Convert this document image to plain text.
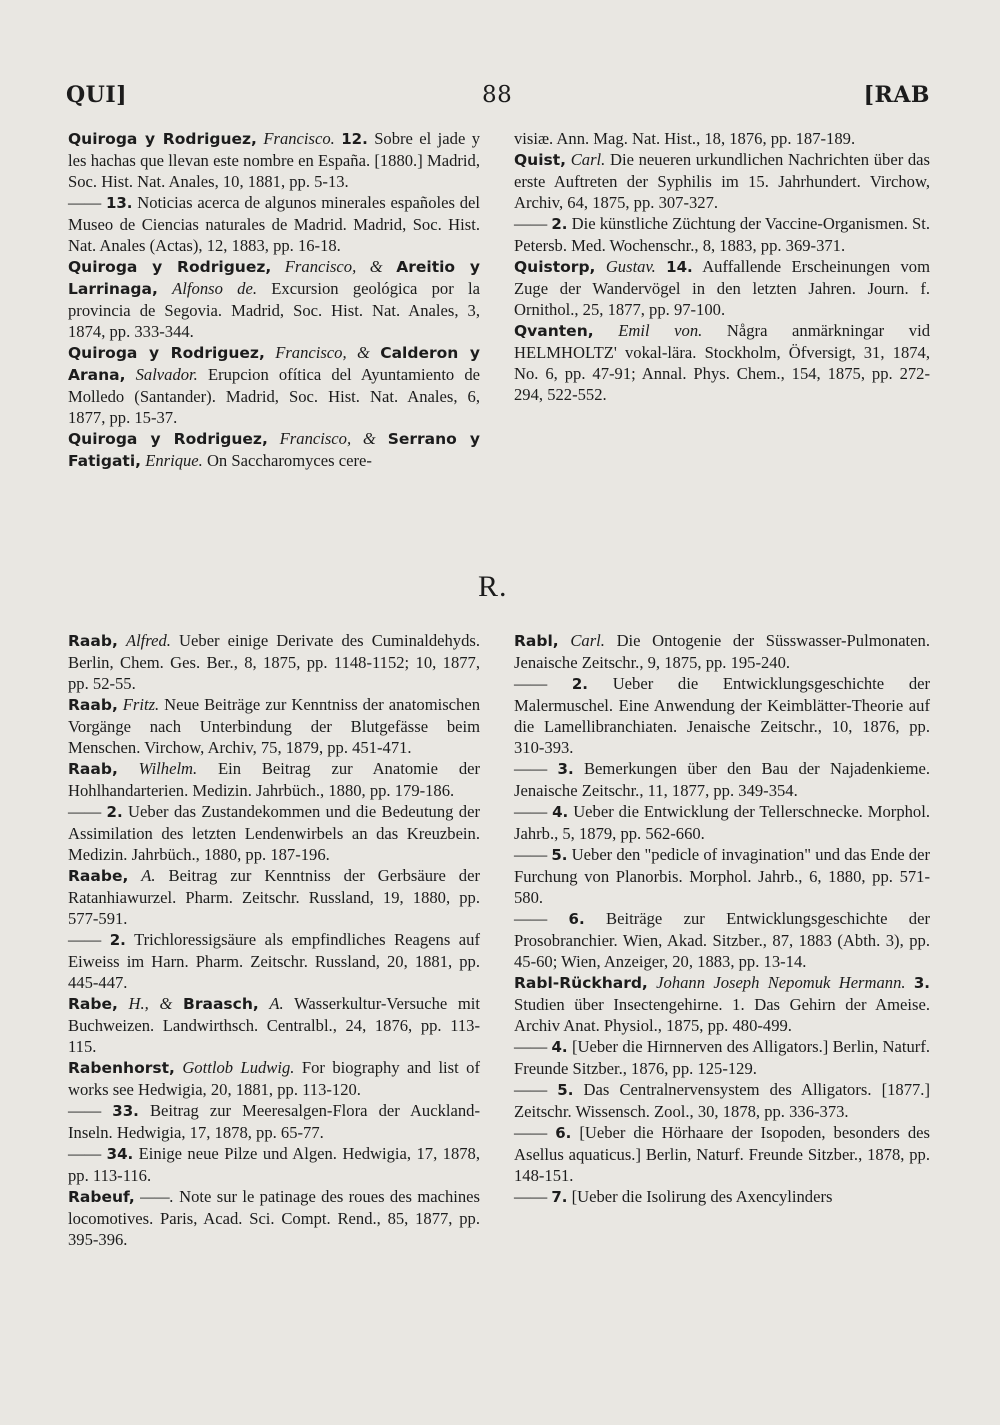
QUI]	88	[RAB

Quiroga y Rodriguez, Francisco. 12. Sobre el jade y les hachas que llevan este nombre en España. [1880.] Madrid, Soc. Hist. Nat. Anales, 10, 1881, pp. 5-13.

—— 13. Noticias acerca de algunos minerales españoles del Museo de Ciencias naturales de Madrid. Madrid, Soc. Hist. Nat. Anales (Actas), 12, 1883, pp. 16-18.

Quiroga y Rodriguez, Francisco, & Areitio y Larrinaga, Alfonso de. Excursion geológica por la provincia de Segovia. Madrid, Soc. Hist. Nat. Anales, 3, 1874, pp. 333-344.

Quiroga y Rodriguez, Francisco, & Calderon y Arana, Salvador. Erupcion ofítica del Ayuntamiento de Molledo (Santander). Madrid, Soc. Hist. Nat. Anales, 6, 1877, pp. 15-37.

Quiroga y Rodriguez, Francisco, & Serrano y Fatigati, Enrique. On Saccharomyces cere-

visiæ. Ann. Mag. Nat. Hist., 18, 1876, pp. 187-189.

Quist, Carl. Die neueren urkundlichen Nachrichten über das erste Auftreten der Syphilis im 15. Jahrhundert. Virchow, Archiv, 64, 1875, pp. 307-327.

—— 2. Die künstliche Züchtung der Vaccine-Organismen. St. Petersb. Med. Wochenschr., 8, 1883, pp. 369-371.

Quistorp, Gustav. 14. Auffallende Erscheinungen vom Zuge der Wandervögel in den letzten Jahren. Journ. f. Ornithol., 25, 1877, pp. 97-100.

Qvanten, Emil von. Några anmärkningar vid HELMHOLTZ' vokal-lära. Stockholm, Öfversigt, 31, 1874, No. 6, pp. 47-91; Annal. Phys. Chem., 154, 1875, pp. 272-294, 522-552.

R.

Raab, Alfred. Ueber einige Derivate des Cuminaldehyds. Berlin, Chem. Ges. Ber., 8, 1875, pp. 1148-1152; 10, 1877, pp. 52-55.

Raab, Fritz. Neue Beiträge zur Kenntniss der anatomischen Vorgänge nach Unterbindung der Blutgefässe beim Menschen. Virchow, Archiv, 75, 1879, pp. 451-471.

Raab, Wilhelm. Ein Beitrag zur Anatomie der Hohlhandarterien. Medizin. Jahrbüch., 1880, pp. 179-186.

—— 2. Ueber das Zustandekommen und die Bedeutung der Assimilation des letzten Lendenwirbels an das Kreuzbein. Medizin. Jahrbüch., 1880, pp. 187-196.

Raabe, A. Beitrag zur Kenntniss der Gerbsäure der Ratanhiawurzel. Pharm. Zeitschr. Russland, 19, 1880, pp. 577-591.

—— 2. Trichloressigsäure als empfindliches Reagens auf Eiweiss im Harn. Pharm. Zeitschr. Russland, 20, 1881, pp. 445-447.

Rabe, H., & Braasch, A. Wasserkultur-Versuche mit Buchweizen. Landwirthsch. Centralbl., 24, 1876, pp. 113-115.

Rabenhorst, Gottlob Ludwig. For biography and list of works see Hedwigia, 20, 1881, pp. 113-120.

—— 33. Beitrag zur Meeresalgen-Flora der Auckland-Inseln. Hedwigia, 17, 1878, pp. 65-77.

—— 34. Einige neue Pilze und Algen. Hedwigia, 17, 1878, pp. 113-116.

Rabeuf, ——. Note sur le patinage des roues des machines locomotives. Paris, Acad. Sci. Compt. Rend., 85, 1877, pp. 395-396.

Rabl, Carl. Die Ontogenie der Süsswasser-Pulmonaten. Jenaische Zeitschr., 9, 1875, pp. 195-240.

—— 2. Ueber die Entwicklungsgeschichte der Malermuschel. Eine Anwendung der Keimblätter-Theorie auf die Lamellibranchiaten. Jenaische Zeitschr., 10, 1876, pp. 310-393.

—— 3. Bemerkungen über den Bau der Najadenkieme. Jenaische Zeitschr., 11, 1877, pp. 349-354.

—— 4. Ueber die Entwicklung der Tellerschnecke. Morphol. Jahrb., 5, 1879, pp. 562-660.

—— 5. Ueber den "pedicle of invagination" und das Ende der Furchung von Planorbis. Morphol. Jahrb., 6, 1880, pp. 571-580.

—— 6. Beiträge zur Entwicklungsgeschichte der Prosobranchier. Wien, Akad. Sitzber., 87, 1883 (Abth. 3), pp. 45-60; Wien, Anzeiger, 20, 1883, pp. 13-14.

Rabl-Rückhard, Johann Joseph Nepomuk Hermann. 3. Studien über Insectengehirne. 1. Das Gehirn der Ameise. Archiv Anat. Physiol., 1875, pp. 480-499.

—— 4. [Ueber die Hirnnerven des Alligators.] Berlin, Naturf. Freunde Sitzber., 1876, pp. 125-129.

—— 5. Das Centralnervensystem des Alligators. [1877.] Zeitschr. Wissensch. Zool., 30, 1878, pp. 336-373.

—— 6. [Ueber die Hörhaare der Isopoden, besonders des Asellus aquaticus.] Berlin, Naturf. Freunde Sitzber., 1878, pp. 148-151.

—— 7. [Ueber die Isolirung des Axencylinders
